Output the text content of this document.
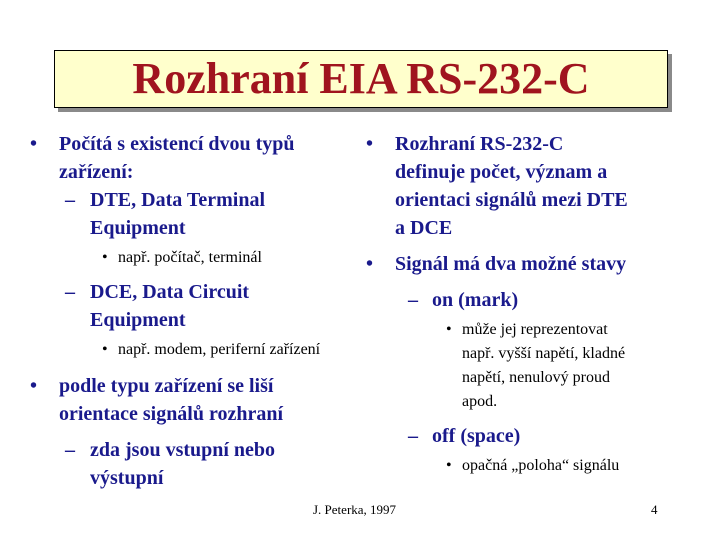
Rozhraní EIA RS-232-C
• Počítá s existencí dvou typů
zařízení:
– DTE, Data Terminal
Equipment
• např. počítač, terminál
– DCE, Data Circuit
Equipment
• např. modem, periferní zařízení
• podle typu zařízení se liší
orientace signálů rozhraní
– zda jsou vstupní nebo
výstupní
• Rozhraní RS-232-C
definuje počet, význam a
orientaci signálů mezi DTE
a DCE
• Signál má dva možné stavy
– on (mark)
• může jej reprezentovat
např. vyšší napětí, kladné
napětí, nenulový proud
apod.
– off (space)
• opačná „poloha“ signálu
J. Peterka, 1997	4
